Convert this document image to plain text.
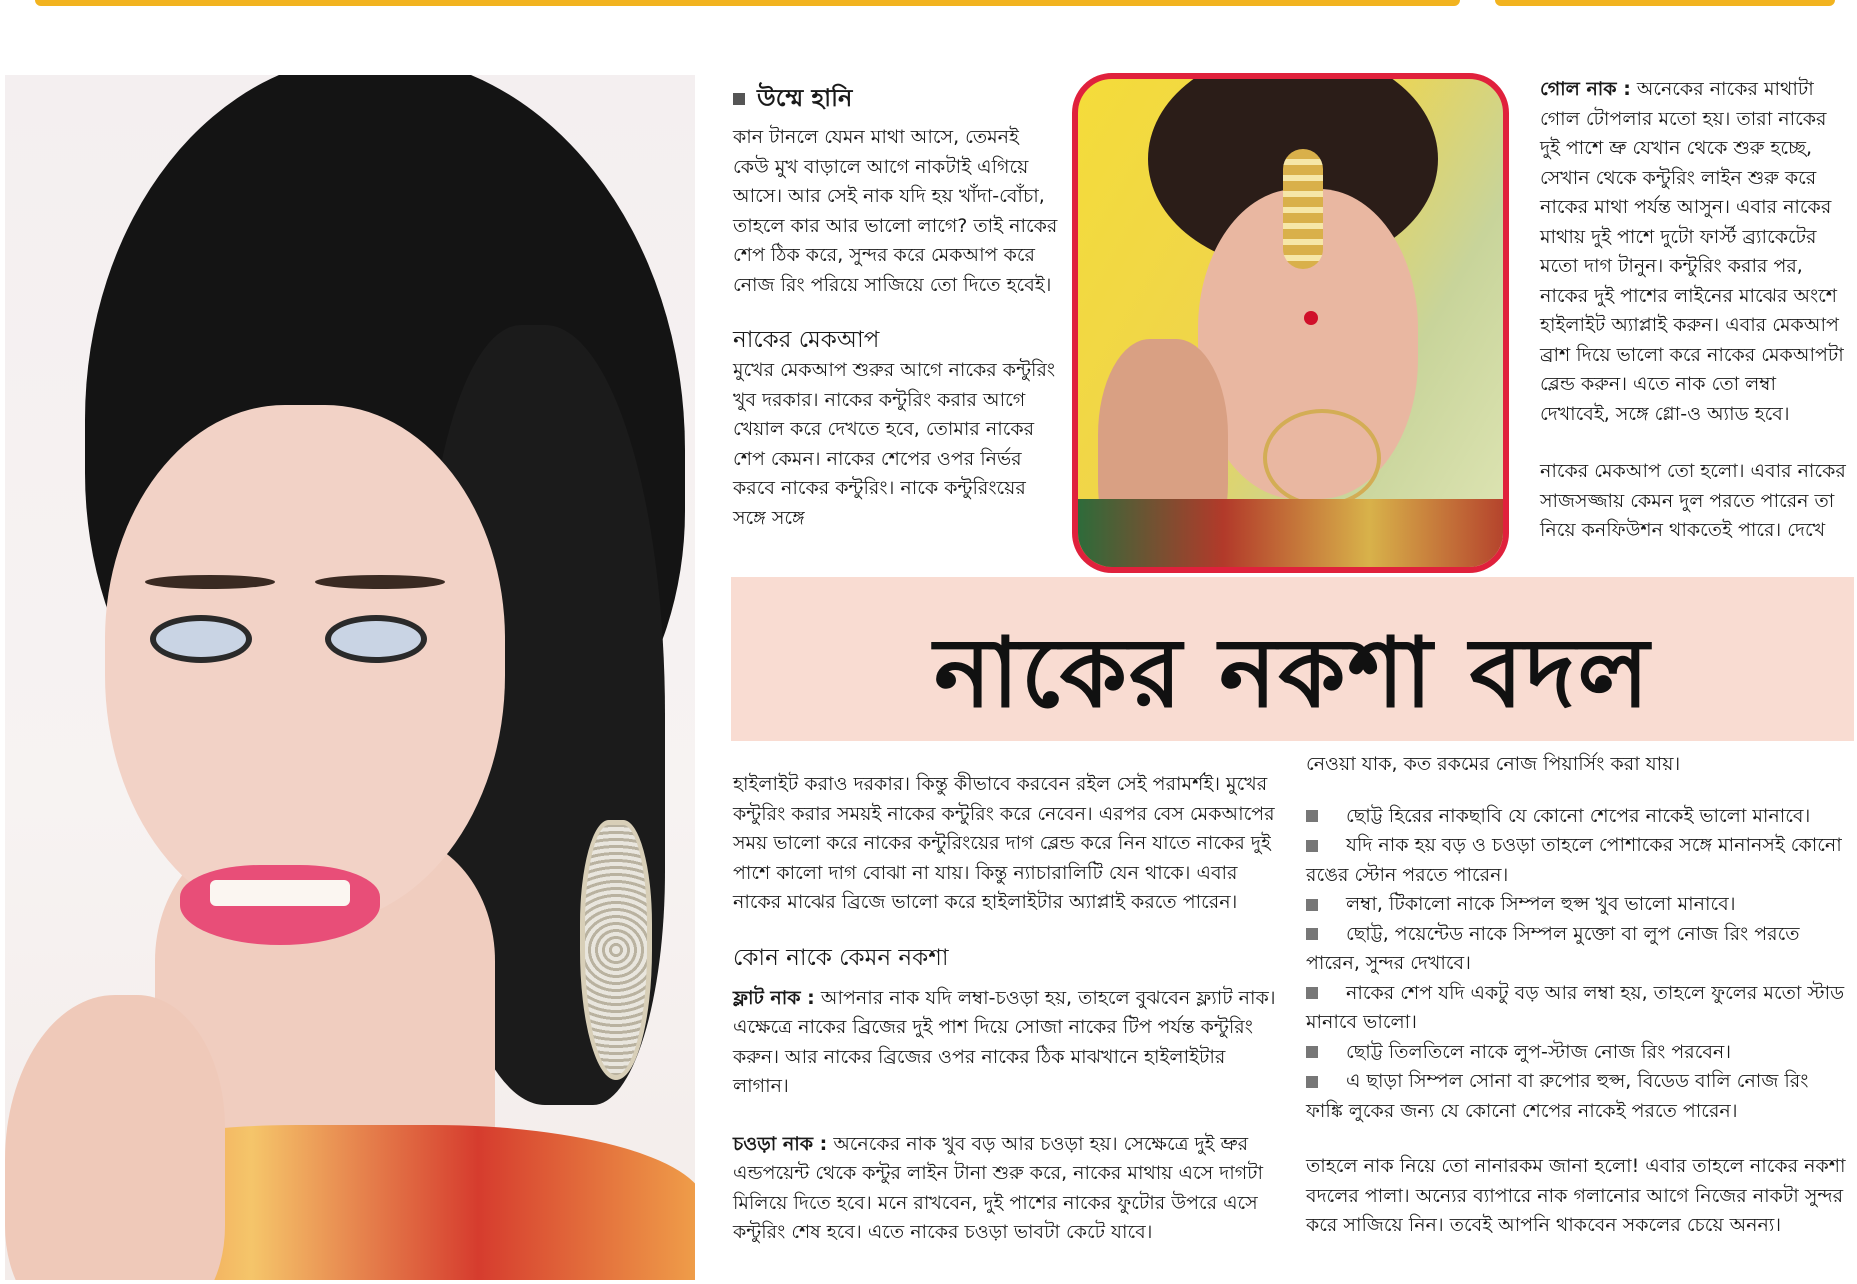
উম্মে হানি

কান টানলে যেমন মাথা আসে, তেমনই কেউ মুখ বাড়ালে আগে নাকটাই এগিয়ে আসে। আর সেই নাক যদি হয় খাঁদা-বোঁচা, তাহলে কার আর ভালো লাগে? তাই নাকের শেপ ঠিক করে, সুন্দর করে মেকআপ করে নোজ রিং পরিয়ে সাজিয়ে তো দিতে হবেই।

নাকের মেকআপ

মুখের মেকআপ শুরুর আগে নাকের কন্টুরিং খুব দরকার। নাকের কন্টুরিং করার আগে খেয়াল করে দেখতে হবে, তোমার নাকের শেপ কেমন। নাকের শেপের ওপর নির্ভর করবে নাকের কন্টুরিং। নাকে কন্টুরিংয়ের সঙ্গে সঙ্গে

গোল নাক : অনেকের নাকের মাথাটা গোল টোপলার মতো হয়। তারা নাকের দুই পাশে ভ্রু যেখান থেকে শুরু হচ্ছে, সেখান থেকে কন্টুরিং লাইন শুরু করে নাকের মাথা পর্যন্ত আসুন। এবার নাকের মাথায় দুই পাশে দুটো ফার্স্ট ব্র্যাকেটের মতো দাগ টানুন। কন্টুরিং করার পর, নাকের দুই পাশের লাইনের মাঝের অংশে হাইলাইট অ্যাপ্লাই করুন। এবার মেকআপ ব্রাশ দিয়ে ভালো করে নাকের মেকআপটা ব্লেন্ড করুন। এতে নাক তো লম্বা দেখাবেই, সঙ্গে গ্লো-ও অ্যাড হবে।

নাকের মেকআপ তো হলো। এবার নাকের সাজসজ্জায় কেমন দুল পরতে পারেন তা নিয়ে কনফিউশন থাকতেই পারে। দেখে

নাকের নকশা বদল

হাইলাইট করাও দরকার। কিন্তু কীভাবে করবেন রইল সেই পরামর্শই। মুখের কন্টুরিং করার সময়ই নাকের কন্টুরিং করে নেবেন। এরপর বেস মেকআপের সময় ভালো করে নাকের কন্টুরিংয়ের দাগ ব্লেন্ড করে নিন যাতে নাকের দুই পাশে কালো দাগ বোঝা না যায়। কিন্তু ন্যাচারালিটি যেন থাকে। এবার নাকের মাঝের ব্রিজে ভালো করে হাইলাইটার অ্যাপ্লাই করতে পারেন।

কোন নাকে কেমন নকশা

ফ্লাট নাক : আপনার নাক যদি লম্বা-চওড়া হয়, তাহলে বুঝবেন ফ্ল্যাট নাক। এক্ষেত্রে নাকের ব্রিজের দুই পাশ দিয়ে সোজা নাকের টিপ পর্যন্ত কন্টুরিং করুন। আর নাকের ব্রিজের ওপর নাকের ঠিক মাঝখানে হাইলাইটার লাগান।

চওড়া নাক : অনেকের নাক খুব বড় আর চওড়া হয়। সেক্ষেত্রে দুই ভ্রুর এন্ডপয়েন্ট থেকে কন্টুর লাইন টানা শুরু করে, নাকের মাথায় এসে দাগটা মিলিয়ে দিতে হবে। মনে রাখবেন, দুই পাশের নাকের ফুটোর উপরে এসে কন্টুরিং শেষ হবে। এতে নাকের চওড়া ভাবটা কেটে যাবে।

নেওয়া যাক, কত রকমের নোজ পিয়ার্সিং করা যায়।

ছোট্ট হিরের নাকছাবি যে কোনো শেপের নাকেই ভালো মানাবে।
যদি নাক হয় বড় ও চওড়া তাহলে পোশাকের সঙ্গে মানানসই কোনো রঙের স্টোন পরতে পারেন।
লম্বা, টিকালো নাকে সিম্পল হুপ্স খুব ভালো মানাবে।
ছোট্ট, পয়েন্টেড নাকে সিম্পল মুক্তো বা লুপ নোজ রিং পরতে পারেন, সুন্দর দেখাবে।
নাকের শেপ যদি একটু বড় আর লম্বা হয়, তাহলে ফুলের মতো স্টাড মানাবে ভালো।
ছোট্ট তিলতিলে নাকে লুপ-স্টাজ নোজ রিং পরবেন।
এ ছাড়া সিম্পল সোনা বা রুপোর হুপ্স, বিডেড বালি নোজ রিং ফাঙ্কি লুকের জন্য যে কোনো শেপের নাকেই পরতে পারেন।

তাহলে নাক নিয়ে তো নানারকম জানা হলো! এবার তাহলে নাকের নকশা বদলের পালা। অন্যের ব্যাপারে নাক গলানোর আগে নিজের নাকটা সুন্দর করে সাজিয়ে নিন। তবেই আপনি থাকবেন সকলের চেয়ে অনন্য।
